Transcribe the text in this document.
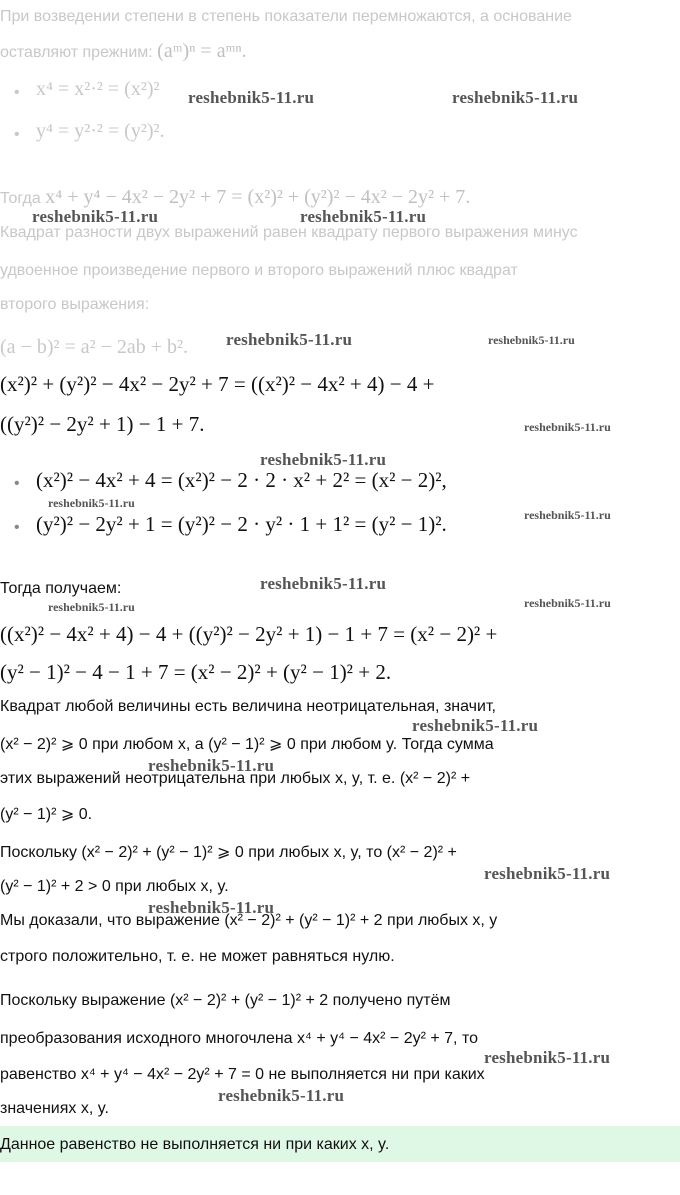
При возведении степени в степень показатели перемножаются, а основание
оставляют прежним: (aᵐ)ⁿ = aᵐⁿ.
• x⁴ = x²·² = (x²)²
• y⁴ = y²·² = (y²)².
Тогда x⁴ + y⁴ − 4x² − 2y² + 7 = (x²)² + (y²)² − 4x² − 2y² + 7.
Квадрат разности двух выражений равен квадрату первого выражения минус
удвоенное произведение первого и второго выражений плюс квадрат
второго выражения:
(a − b)² = a² − 2ab + b².
(x²)² + (y²)² − 4x² − 2y² + 7 = ((x²)² − 4x² + 4) − 4 +
((y²)² − 2y² + 1) − 1 + 7.
• (x²)² − 4x² + 4 = (x²)² − 2 · 2 · x² + 2² = (x² − 2)²,
• (y²)² − 2y² + 1 = (y²)² − 2 · y² · 1 + 1² = (y² − 1)².
Тогда получаем:
((x²)² − 4x² + 4) − 4 + ((y²)² − 2y² + 1) − 1 + 7 = (x² − 2)² +
(y² − 1)² − 4 − 1 + 7 = (x² − 2)² + (y² − 1)² + 2.
Квадрат любой величины есть величина неотрицательная, значит,
(x² − 2)² ⩾ 0 при любом x, а (y² − 1)² ⩾ 0 при любом y. Тогда сумма
этих выражений неотрицательна при любых x, y, т. е. (x² − 2)² +
(y² − 1)² ⩾ 0.
Поскольку (x² − 2)² + (y² − 1)² ⩾ 0 при любых x, y, то (x² − 2)² +
(y² − 1)² + 2 > 0 при любых x, y.
Мы доказали, что выражение (x² − 2)² + (y² − 1)² + 2 при любых x, y
строго положительно, т. е. не может равняться нулю.
Поскольку выражение (x² − 2)² + (y² − 1)² + 2 получено путём
преобразования исходного многочлена x⁴ + y⁴ − 4x² − 2y² + 7, то
равенство x⁴ + y⁴ − 4x² − 2y² + 7 = 0 не выполняется ни при каких
значениях x, y.
Данное равенство не выполняется ни при каких x, y.
reshebnik5-11.ru	reshebnik5-11.ru
reshebnik5-11.ru	reshebnik5-11.ru
reshebnik5-11.ru	reshebnik5-11.ru
reshebnik5-11.ru
reshebnik5-11.ru
reshebnik5-11.ru
reshebnik5-11.ru
reshebnik5-11.ru
reshebnik5-11.ru	reshebnik5-11.ru
reshebnik5-11.ru
reshebnik5-11.ru
reshebnik5-11.ru
reshebnik5-11.ru
reshebnik5-11.ru
reshebnik5-11.ru
